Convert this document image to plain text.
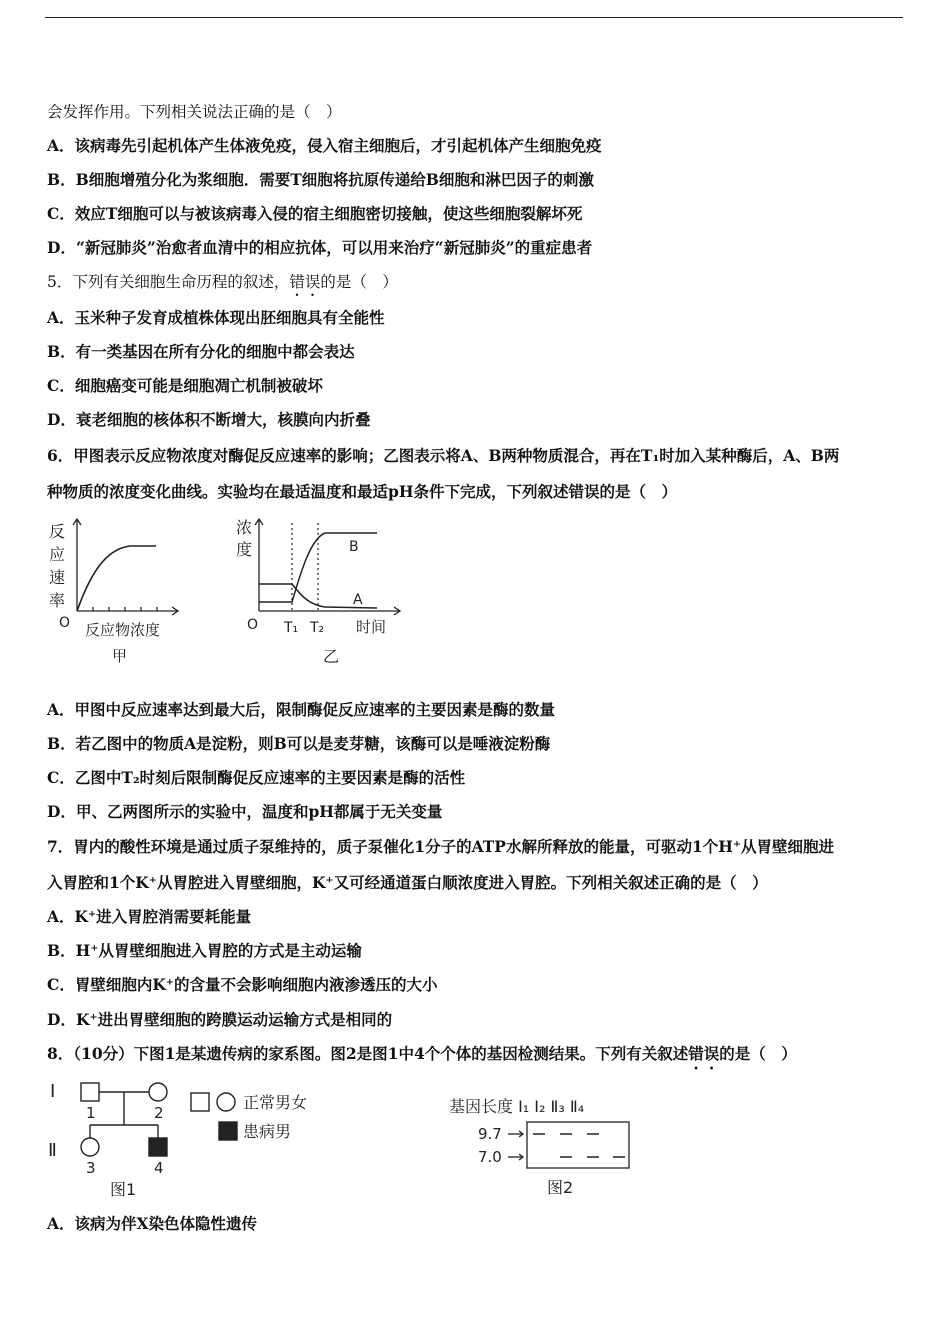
会发挥作用。下列相关说法正确的是（　）
A．该病毒先引起机体产生体液免疫，侵入宿主细胞后，才引起机体产生细胞免疫
B．B细胞增殖分化为浆细胞．需要T细胞将抗原传递给B细胞和淋巴因子的刺激
C．效应T细胞可以与被该病毒入侵的宿主细胞密切接触，使这些细胞裂解坏死
D．“新冠肺炎”治愈者血清中的相应抗体，可以用来治疗“新冠肺炎”的重症患者
5．下列有关细胞生命历程的叙述，错误的是（　）
A．玉米种子发育成植株体现出胚细胞具有全能性
B．有一类基因在所有分化的细胞中都会表达
C．细胞癌变可能是细胞凋亡机制被破坏
D．衰老细胞的核体积不断增大，核膜向内折叠
6．甲图表示反应物浓度对酶促反应速率的影响；乙图表示将A、B两种物质混合，再在T₁时加入某种酶后，A、B两
种物质的浓度变化曲线。实验均在最适温度和最适pH条件下完成，下列叙述错误的是（　）
反
应
速
率
O 反应物浓度
甲
浓
度	B
A
O T₁ T₂ 时间
乙
A．甲图中反应速率达到最大后，限制酶促反应速率的主要因素是酶的数量
B．若乙图中的物质A是淀粉，则B可以是麦芽糖，该酶可以是唾液淀粉酶
C．乙图中T₂时刻后限制酶促反应速率的主要因素是酶的活性
D．甲、乙两图所示的实验中，温度和pH都属于无关变量
7．胃内的酸性环境是通过质子泵维持的，质子泵催化1分子的ATP水解所释放的能量，可驱动1个H⁺从胃壁细胞进
入胃腔和1个K⁺从胃腔进入胃壁细胞，K⁺又可经通道蛋白顺浓度进入胃腔。下列相关叙述正确的是（　）
A．K⁺进入胃腔消需要耗能量
B．H⁺从胃壁细胞进入胃腔的方式是主动运输
C．胃壁细胞内K⁺的含量不会影响细胞内液渗透压的大小
D．K⁺进出胃壁细胞的跨膜运动运输方式是相同的
8．（10分）下图1是某遗传病的家系图。图2是图1中4个个体的基因检测结果。下列有关叙述错误的是（　）
I
Ⅱ
1	2
3	4
正常男女
患病男
图1
基因长度 I₁ I₂ Ⅱ₃ Ⅱ₄
9.7
7.0
图2
A．该病为伴X染色体隐性遗传
